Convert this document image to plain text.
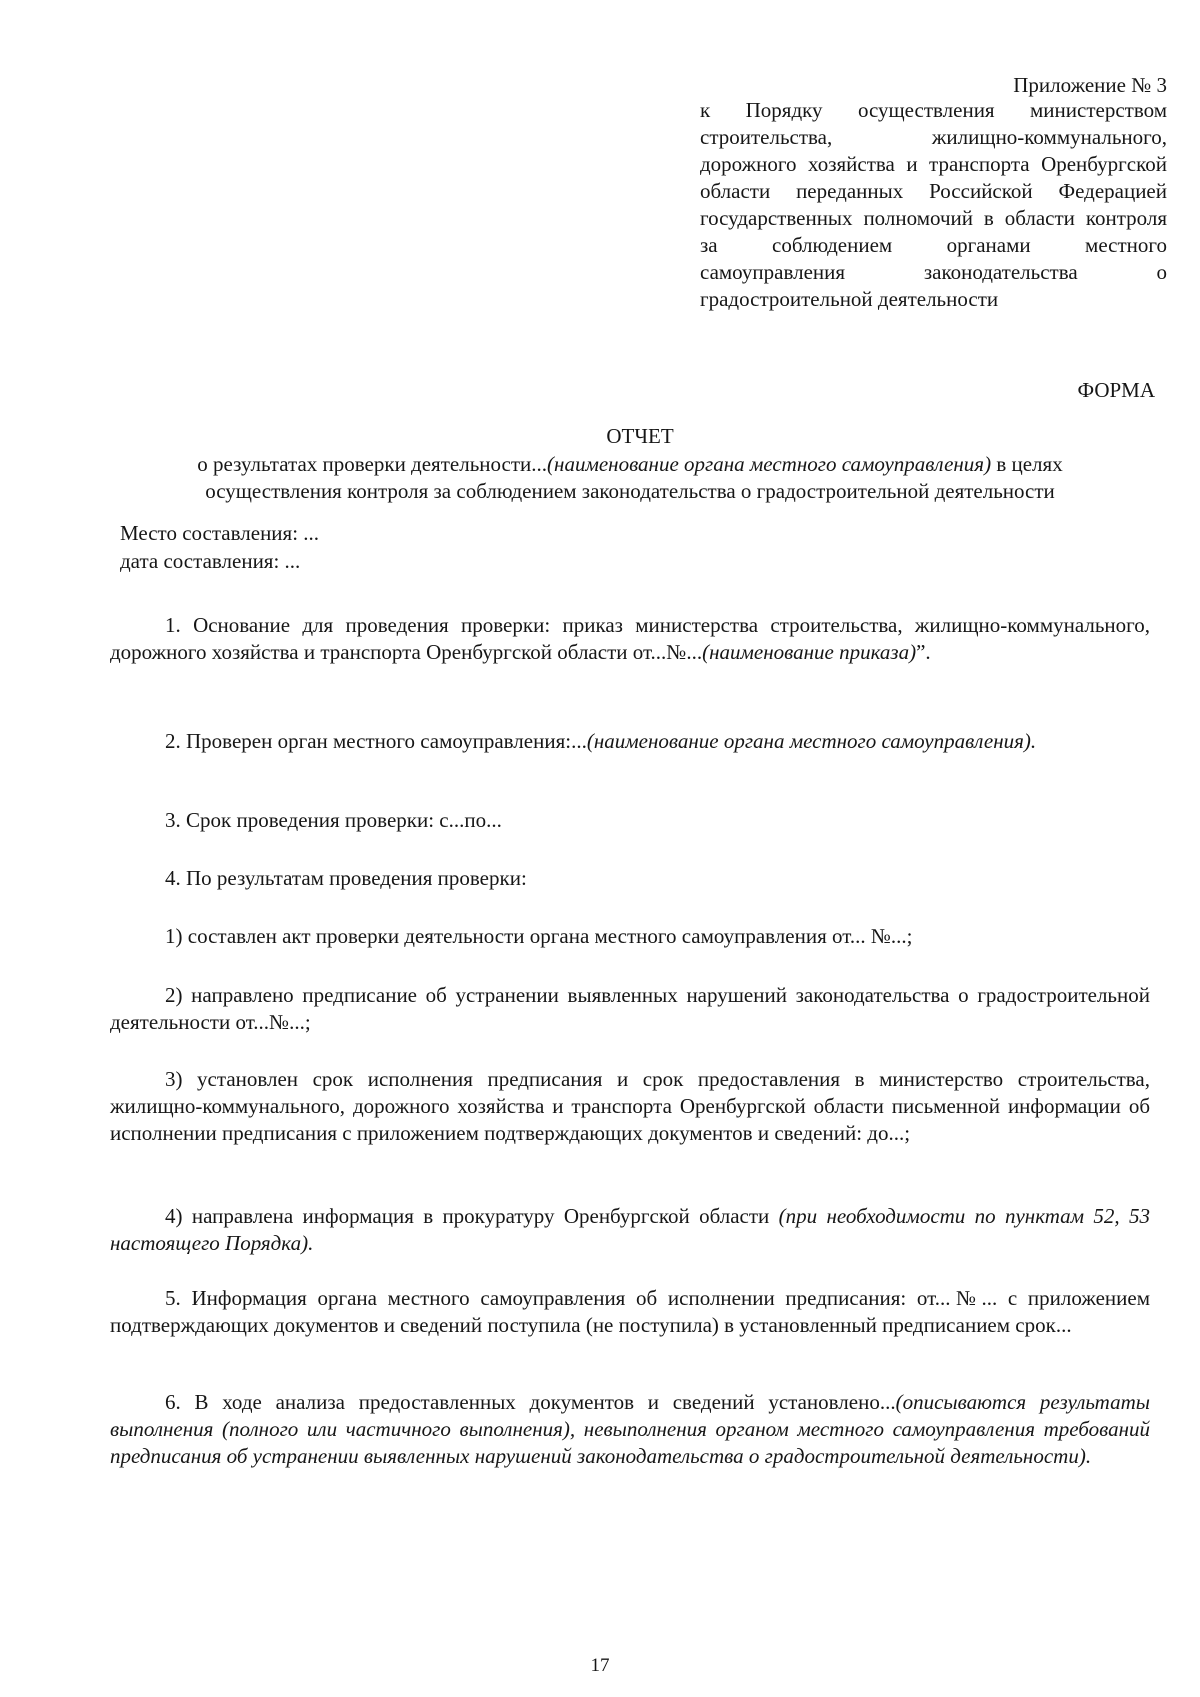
Приложение № 3
к Порядку осуществления министерством строительства, жилищно-коммунального, дорожного хозяйства и транспорта Оренбургской области переданных Российской Федерацией государственных полномочий в области контроля за соблюдением органами местного самоуправления законодательства о градостроительной деятельности
ФОРМА
ОТЧЕТ
о результатах проверки деятельности...(наименование органа местного самоуправления) в целях осуществления контроля за соблюдением законодательства о градостроительной деятельности
Место составления: ...
дата составления: ...
1. Основание для проведения проверки: приказ министерства строительства, жилищно-коммунального, дорожного хозяйства и транспорта Оренбургской области от...№...(наименование приказа)”.
2. Проверен орган местного самоуправления:...(наименование органа местного самоуправления).
3. Срок проведения проверки: с...по...
4. По результатам проведения проверки:
1) составлен акт проверки деятельности органа местного самоуправления от... №...;
2) направлено предписание об устранении выявленных нарушений законодательства о градостроительной деятельности от...№...;
3) установлен срок исполнения предписания и срок предоставления в министерство строительства, жилищно-коммунального, дорожного хозяйства и транспорта Оренбургской области письменной информации об исполнении предписания с приложением подтверждающих документов и сведений: до...;
4) направлена информация в прокуратуру Оренбургской области (при необходимости по пунктам 52, 53 настоящего Порядка).
5. Информация органа местного самоуправления об исполнении предписания: от...№... с приложением подтверждающих документов и сведений поступила (не поступила) в установленный предписанием срок...
6. В ходе анализа предоставленных документов и сведений установлено...(описываются результаты выполнения (полного или частичного выполнения), невыполнения органом местного самоуправления требований предписания об устранении выявленных нарушений законодательства о градостроительной деятельности).
17
